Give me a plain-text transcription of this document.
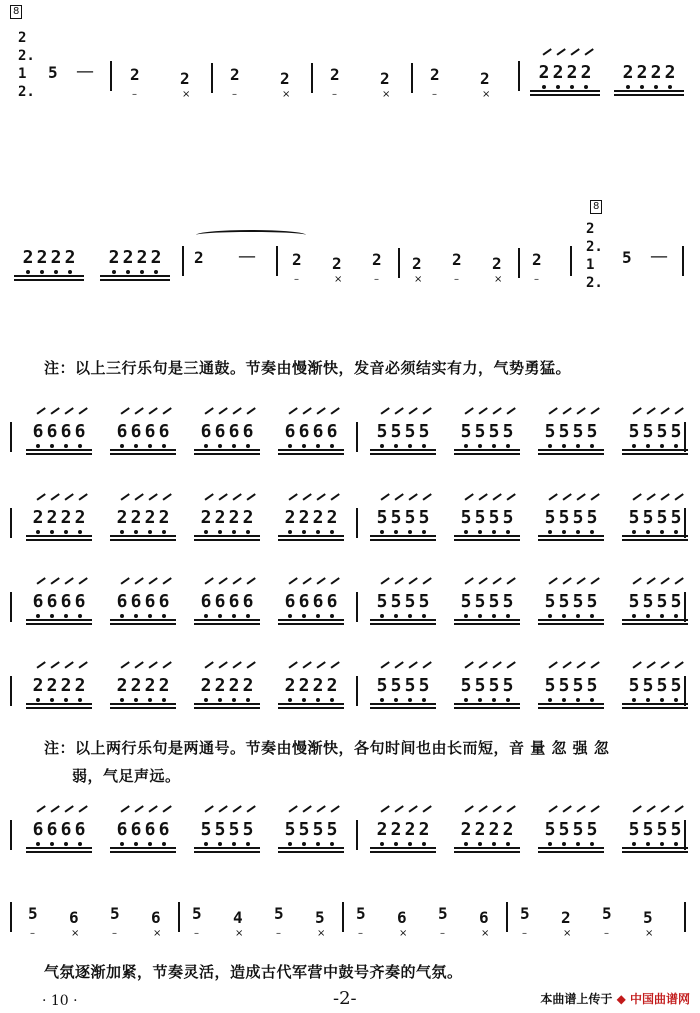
8
2
2.
1
2.
5 — 2
–
2
×
2
–
2
×
2
–
2
×
2
–
2
×
2 2 2 2 2 2 2 2
2 2 2 2 2 2 2 2 2 — 2
–
2
×
2
–
2
×
2
–
2
×
2
–
8
2
2.
1
2.
5 —
注：以上三行乐句是三通鼓。节奏由慢渐快，发音必须结实有力，气势勇猛。
6 6 6 6 6 6 6 6 6 6 6 6 6 6 6 6 5 5 5 5 5 5 5 5 5 5 5 5 5 5 5 5
2 2 2 2 2 2 2 2 2 2 2 2 2 2 2 2 5 5 5 5 5 5 5 5 5 5 5 5 5 5 5 5
6 6 6 6 6 6 6 6 6 6 6 6 6 6 6 6 5 5 5 5 5 5 5 5 5 5 5 5 5 5 5 5
2 2 2 2 2 2 2 2 2 2 2 2 2 2 2 2 5 5 5 5 5 5 5 5 5 5 5 5 5 5 5 5
6 6 6 6 6 6 6 6 5 5 5 5 5 5 5 5 2 2 2 2 2 2 2 2 5 5 5 5 5 5 5 5
注：以上两行乐句是两通号。节奏由慢渐快，各句时间也由长而短，音 量 忽 强 忽
弱，气足声远。
5
–
6
×
5
–
6
×
5
–
4
×
5
–
5
×
5
–
6
×
5
–
6
×
5
–
2
×
5
–
5
×
气氛逐渐加紧，节奏灵活，造成古代军营中鼓号齐奏的气氛。
· 10 ·	-2-	本曲谱上传于 ◆ 中国曲谱网
